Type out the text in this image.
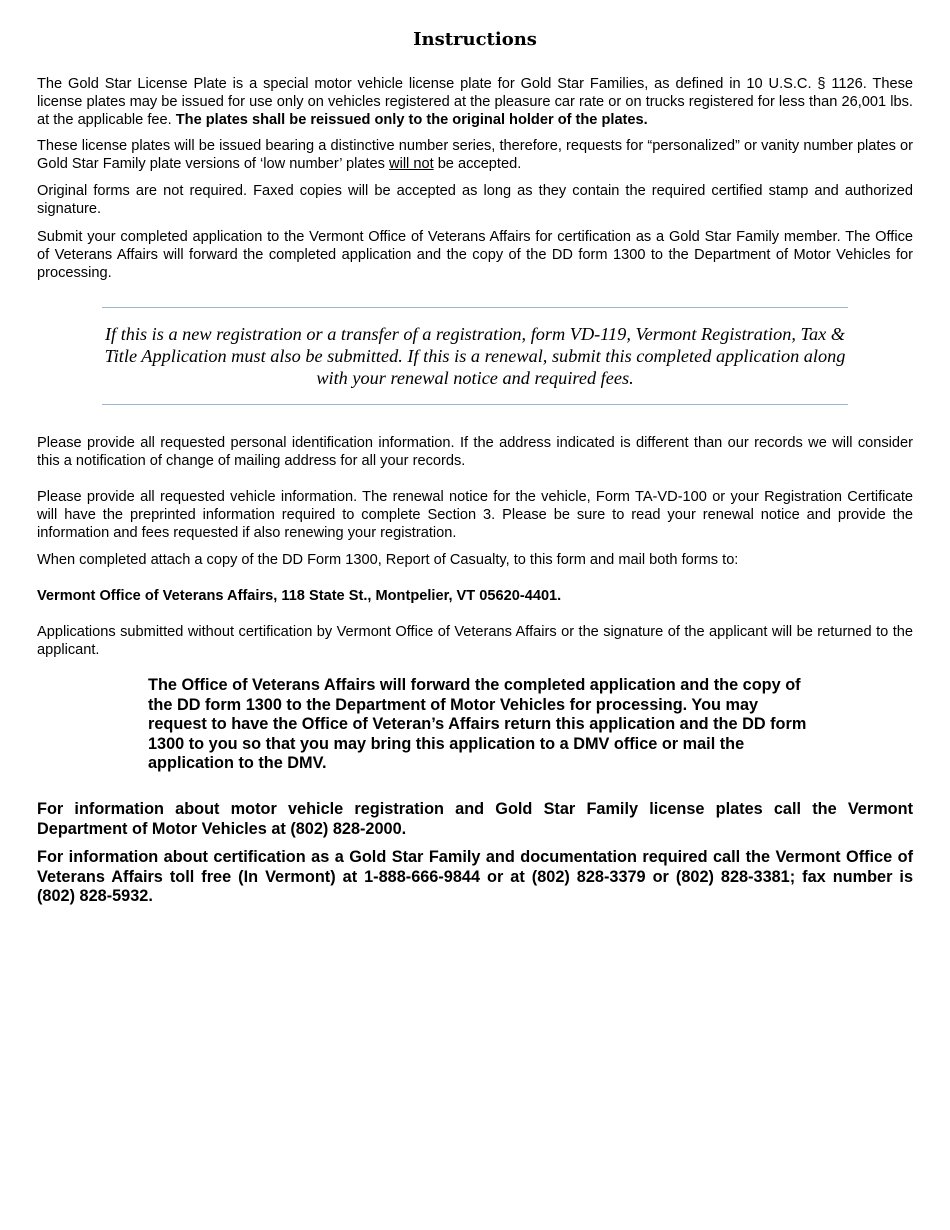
Instructions

The Gold Star License Plate is a special motor vehicle license plate for Gold Star Families, as defined in 10 U.S.C. § 1126. These license plates may be issued for use only on vehicles registered at the pleasure car rate or on trucks registered for less than 26,001 lbs. at the applicable fee. The plates shall be reissued only to the original holder of the plates.

These license plates will be issued bearing a distinctive number series, therefore, requests for “personalized” or vanity number plates or Gold Star Family plate versions of ‘low number’ plates will not be accepted.

Original forms are not required. Faxed copies will be accepted as long as they contain the required certified stamp and authorized signature.

Submit your completed application to the Vermont Office of Veterans Affairs for certification as a Gold Star Family member. The Office of Veterans Affairs will forward the completed application and the copy of the DD form 1300 to the Department of Motor Vehicles for processing.

If this is a new registration or a transfer of a registration, form VD-119, Vermont Registration, Tax & Title Application must also be submitted. If this is a renewal, submit this completed application along with your renewal notice and required fees.

Please provide all requested personal identification information. If the address indicated is different than our records we will consider this a notification of change of mailing address for all your records.

Please provide all requested vehicle information. The renewal notice for the vehicle, Form TA-VD-100 or your Registration Certificate will have the preprinted information required to complete Section 3. Please be sure to read your renewal notice and provide the information and fees requested if also renewing your registration.

When completed attach a copy of the DD Form 1300, Report of Casualty, to this form and mail both forms to:

Vermont Office of Veterans Affairs, 118 State St., Montpelier, VT 05620-4401.

Applications submitted without certification by Vermont Office of Veterans Affairs or the signature of the applicant will be returned to the applicant.

The Office of Veterans Affairs will forward the completed application and the copy of the DD form 1300 to the Department of Motor Vehicles for processing. You may request to have the Office of Veteran’s Affairs return this application and the DD form 1300 to you so that you may bring this application to a DMV office or mail the application to the DMV.

For information about motor vehicle registration and Gold Star Family license plates call the Vermont Department of Motor Vehicles at (802) 828-2000.

For information about certification as a Gold Star Family and documentation required call the Vermont Office of Veterans Affairs toll free (In Vermont) at 1-888-666-9844 or at (802) 828-3379 or (802) 828-3381; fax number is (802) 828-5932.
